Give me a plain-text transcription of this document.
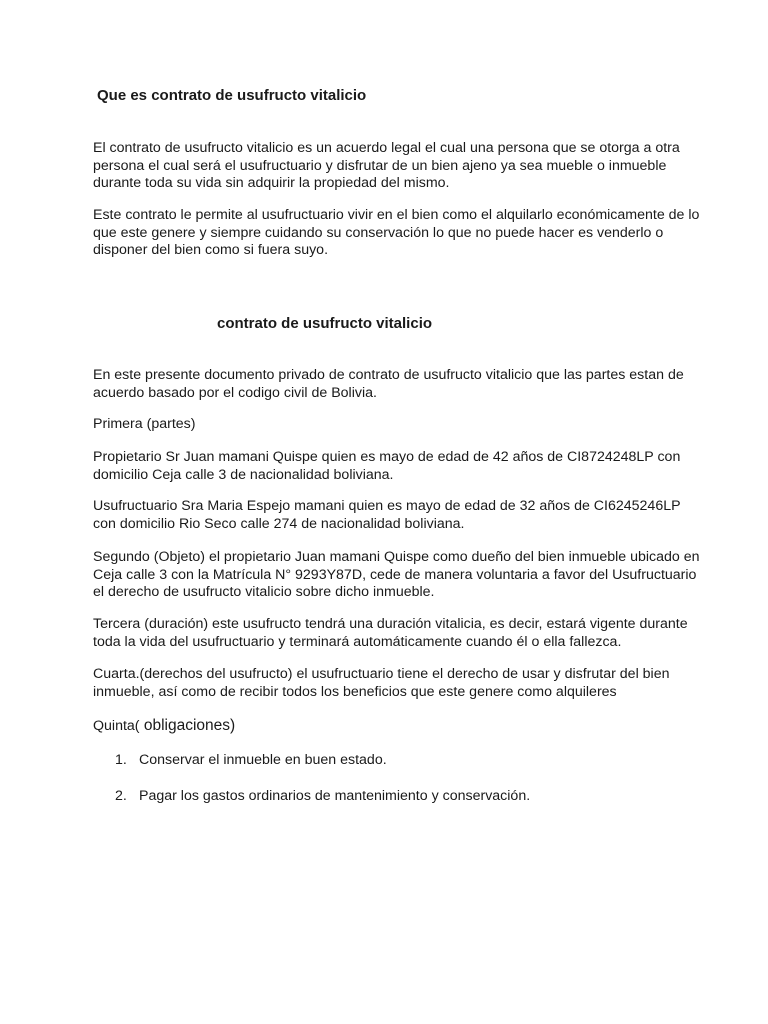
Que es contrato de usufructo vitalicio

El contrato de usufructo vitalicio es un acuerdo legal el cual una persona que se otorga a otra persona el cual será el usufructuario y disfrutar de un bien ajeno ya sea mueble o inmueble durante toda su vida sin adquirir la propiedad del mismo.

Este contrato le permite al usufructuario vivir en el bien como el alquilarlo económicamente de lo que este genere y siempre cuidando su conservación lo que no puede hacer es venderlo o disponer del bien como si fuera suyo.

contrato de usufructo vitalicio

En este presente documento privado de contrato de usufructo vitalicio que las partes estan de acuerdo basado por el codigo civil de Bolivia.

Primera (partes)

Propietario Sr Juan mamani Quispe quien es mayo de edad de 42 años de CI8724248LP con domicilio Ceja calle 3 de nacionalidad boliviana.

Usufructuario Sra Maria Espejo mamani quien es mayo de edad de 32 años de CI6245246LP con domicilio Rio Seco calle 274 de nacionalidad boliviana.

Segundo (Objeto) el propietario Juan mamani Quispe como dueño del bien inmueble ubicado en Ceja calle 3 con la Matrícula N° 9293Y87D, cede de manera voluntaria a favor del Usufructuario el derecho de usufructo vitalicio sobre dicho inmueble.

Tercera (duración) este usufructo tendrá una duración vitalicia, es decir, estará vigente durante toda la vida del usufructuario y terminará automáticamente cuando él o ella fallezca.

Cuarta.(derechos del usufructo) el usufructuario tiene el derecho de usar y disfrutar del bien inmueble, así como de recibir todos los beneficios que este genere como alquileres

Quinta( obligaciones)
1. Conservar el inmueble en buen estado.
2. Pagar los gastos ordinarios de mantenimiento y conservación.
